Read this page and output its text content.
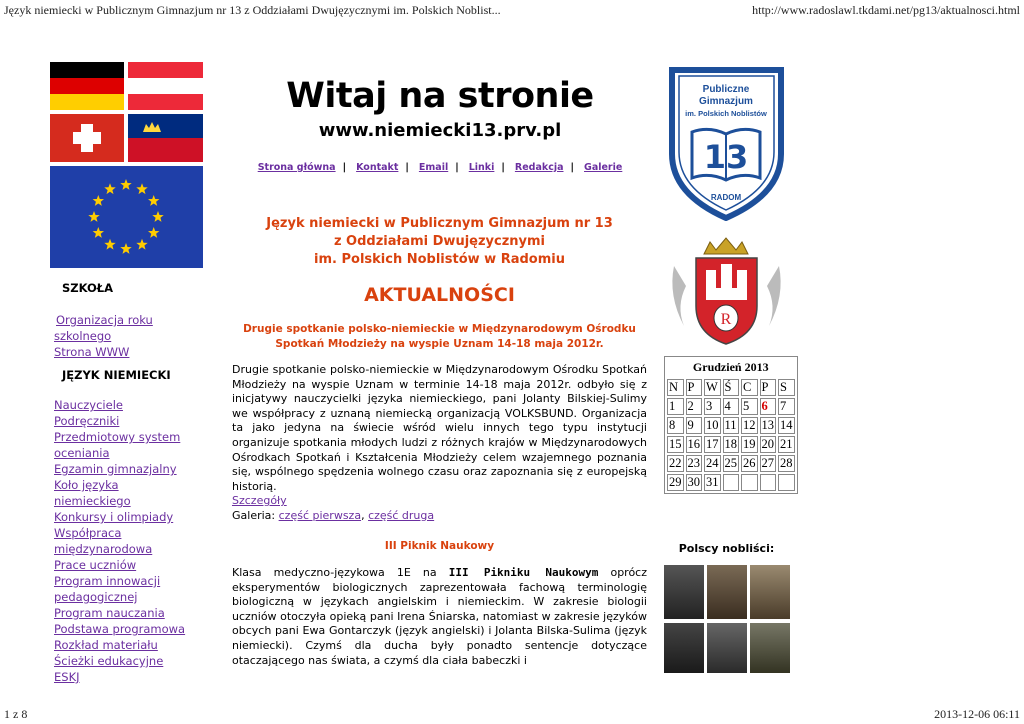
Język niemiecki w Publicznym Gimnazjum nr 13 z Oddziałami Dwujęzycznymi im. Polskich Noblist...	http://www.radoslawl.tkdami.net/pg13/aktualnosci.html
SZKOŁA
Organizacja roku
szkolnego
Strona WWW
JĘZYK NIEMIECKI
Nauczyciele
Podręczniki
Przedmiotowy system
oceniania
Egzamin gimnazjalny
Koło języka
niemieckiego
Konkursy i olimpiady
Współpraca
międzynarodowa
Prace uczniów
Program innowacji
pedagogicznej
Program nauczania
Podstawa programowa
Rozkład materiału
Ścieżki edukacyjne
ESKJ
Witaj na stronie
www.niemiecki13.prv.pl
Strona główna | Kontakt | Email | Linki | Redakcja | Galerie
Język niemiecki w Publicznym Gimnazjum nr 13
z Oddziałami Dwujęzycznymi
im. Polskich Noblistów w Radomiu
AKTUALNOŚCI
Drugie spotkanie polsko-niemieckie w Międzynarodowym Ośrodku Spotkań Młodzieży na wyspie Uznam 14-18 maja 2012r.
Drugie spotkanie polsko-niemieckie w Międzynarodowym Ośrodku Spotkań Młodzieży na wyspie Uznam w terminie 14-18 maja 2012r. odbyło się z inicjatywy nauczycielki języka niemieckiego, pani Jolanty Bilskiej-Sulimy we współpracy z uznaną niemiecką organizacją VOLKSBUND. Organizacja ta jako jedyna na świecie wśród wielu innych tego typu instytucji organizuje spotkania młodych ludzi z różnych krajów w Międzynarodowych Ośrodkach Spotkań i Kształcenia Młodzieży celem wzajemnego poznania się, wspólnego spędzenia wolnego czasu oraz zapoznania się z europejską historią.
Szczegóły
Galeria: część pierwsza, część druga
III Piknik Naukowy
Klasa medyczno-językowa 1E na III Pikniku Naukowym oprócz eksperymentów biologicznych zaprezentowała fachową terminologię biologiczną w językach angielskim i niemieckim. W zakresie biologii uczniów otoczyła opieką pani Irena Śniarska, natomiast w zakresie języków obcych pani Ewa Gontarczyk (język angielski) i Jolanta Bilska-Sulima (język niemiecki). Czymś dla ducha były ponadto sentencje dotyczące otaczającego nas świata, a czymś dla ciała babeczki i
Publiczne
Gimnazjum
im. Polskich Noblistów
13
RADOM
R
Grudzień 2013						
N	P	W	Ś	C	P	S
1	2	3	4	5	6	7
8	9	10	11	12	13	14
15	16	17	18	19	20	21
22	23	24	25	26	27	28
29	30	31				
Polscy nobliści:
1 z 8	2013-12-06 06:11
